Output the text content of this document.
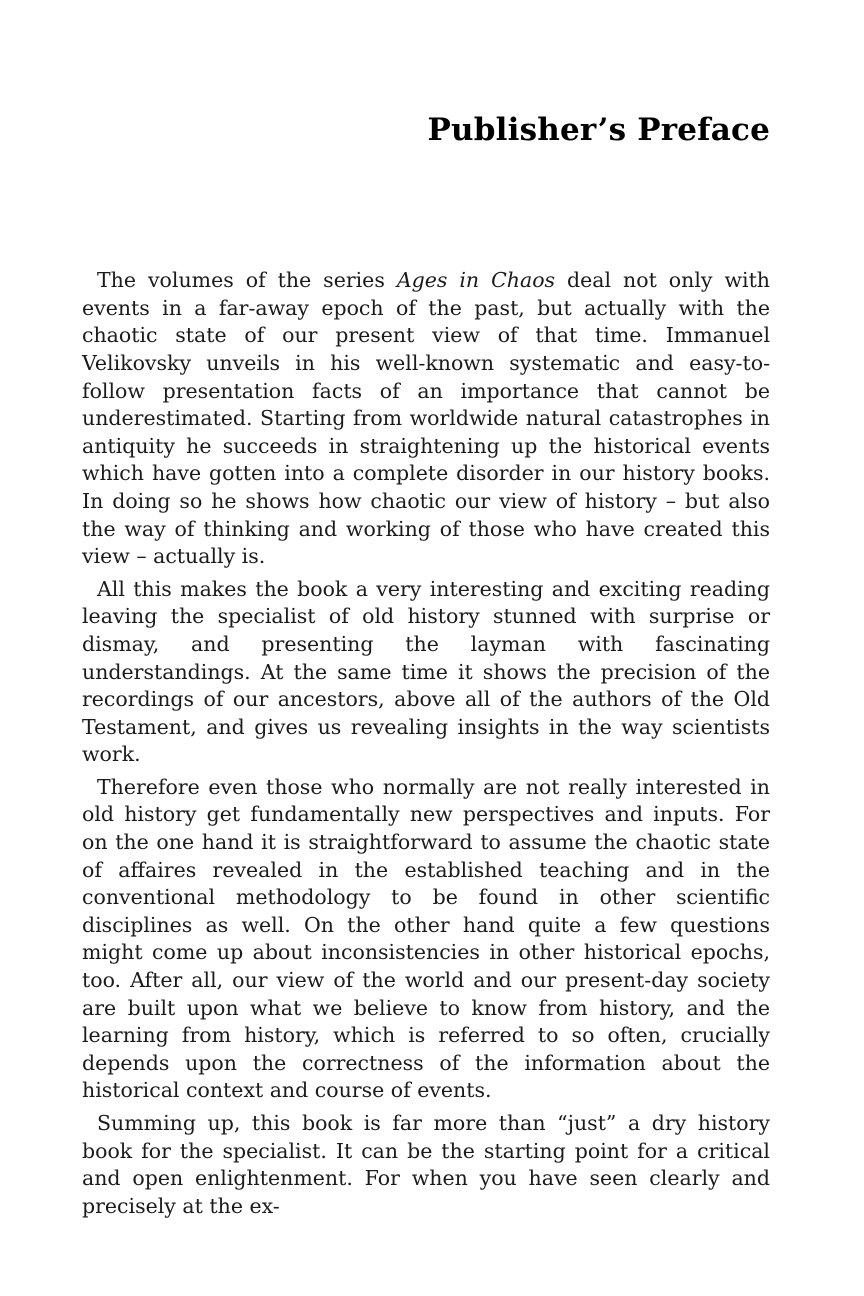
Publisher’s Preface

The volumes of the series Ages in Chaos deal not only with events in a far-away epoch of the past, but actually with the chaotic state of our present view of that time. Immanuel Velikovsky unveils in his well-known systematic and easy-to-follow presentation facts of an importance that cannot be underestimated. Starting from worldwide natural catastrophes in antiquity he succeeds in straightening up the historical events which have gotten into a complete disorder in our history books. In doing so he shows how chaotic our view of history – but also the way of thinking and working of those who have created this view – actually is.

All this makes the book a very interesting and exciting reading leaving the specialist of old history stunned with surprise or dismay, and presenting the layman with fascinating understandings. At the same time it shows the precision of the recordings of our ancestors, above all of the authors of the Old Testament, and gives us revealing insights in the way scientists work.

Therefore even those who normally are not really interested in old history get fundamentally new perspectives and inputs. For on the one hand it is straightforward to assume the chaotic state of affaires revealed in the established teaching and in the conventional methodology to be found in other scientific disciplines as well. On the other hand quite a few questions might come up about inconsistencies in other historical epochs, too. After all, our view of the world and our present-day society are built upon what we believe to know from history, and the learning from history, which is referred to so often, crucially depends upon the correctness of the information about the historical context and course of events.

Summing up, this book is far more than “just” a dry history book for the specialist. It can be the starting point for a critical and open enlightenment. For when you have seen clearly and precisely at the ex-
